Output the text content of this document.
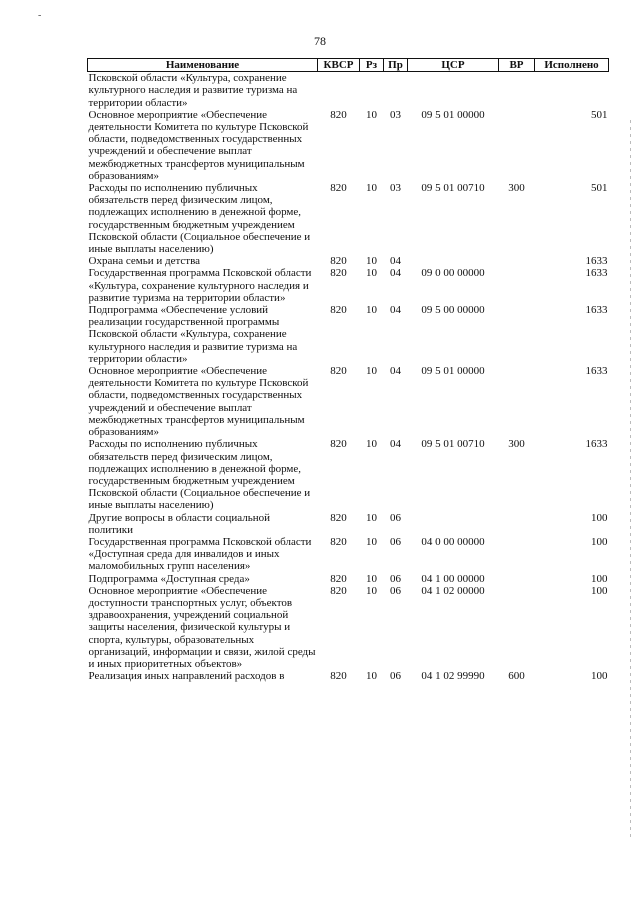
-
78
Наименование	КВСР	Рз	Пр	ЦСР	ВР	Исполнено
Псковской области «Культура, сохранение культурного наследия и развитие туризма на территории области»						
Основное мероприятие «Обеспечение деятельности Комитета по культуре Псковской области, подведомственных государственных учреждений и обеспечение выплат межбюджетных трансфертов муниципальным образованиям»	820	10	03	09 5 01 00000		501
Расходы по исполнению публичных обязательств перед физическим лицом, подлежащих исполнению в денежной форме, государственным бюджетным учреждением Псковской области (Социальное обеспечение и иные выплаты населению)	820	10	03	09 5 01 00710	300	501
Охрана семьи и детства	820	10	04			1633
Государственная программа Псковской области «Культура, сохранение культурного наследия и развитие туризма на территории области»	820	10	04	09 0 00 00000		1633
Подпрограмма «Обеспечение условий реализации государственной программы Псковской области «Культура, сохранение культурного наследия и развитие туризма на территории области»	820	10	04	09 5 00 00000		1633
Основное мероприятие «Обеспечение деятельности Комитета по культуре Псковской области, подведомственных государственных учреждений и обеспечение выплат межбюджетных трансфертов муниципальным образованиям»	820	10	04	09 5 01 00000		1633
Расходы по исполнению публичных обязательств перед физическим лицом, подлежащих исполнению в денежной форме, государственным бюджетным учреждением Псковской области (Социальное обеспечение и иные выплаты населению)	820	10	04	09 5 01 00710	300	1633
Другие вопросы в области социальной политики	820	10	06			100
Государственная программа Псковской области «Доступная среда для инвалидов и иных маломобильных групп населения»	820	10	06	04 0 00 00000		100
Подпрограмма «Доступная среда»	820	10	06	04 1 00 00000		100
Основное мероприятие «Обеспечение доступности транспортных услуг, объектов здравоохранения, учреждений социальной защиты населения, физической культуры и спорта, культуры, образовательных организаций, информации и связи, жилой среды и иных приоритетных объектов»	820	10	06	04 1 02 00000		100
Реализация иных направлений расходов в	820	10	06	04 1 02 99990	600	100
